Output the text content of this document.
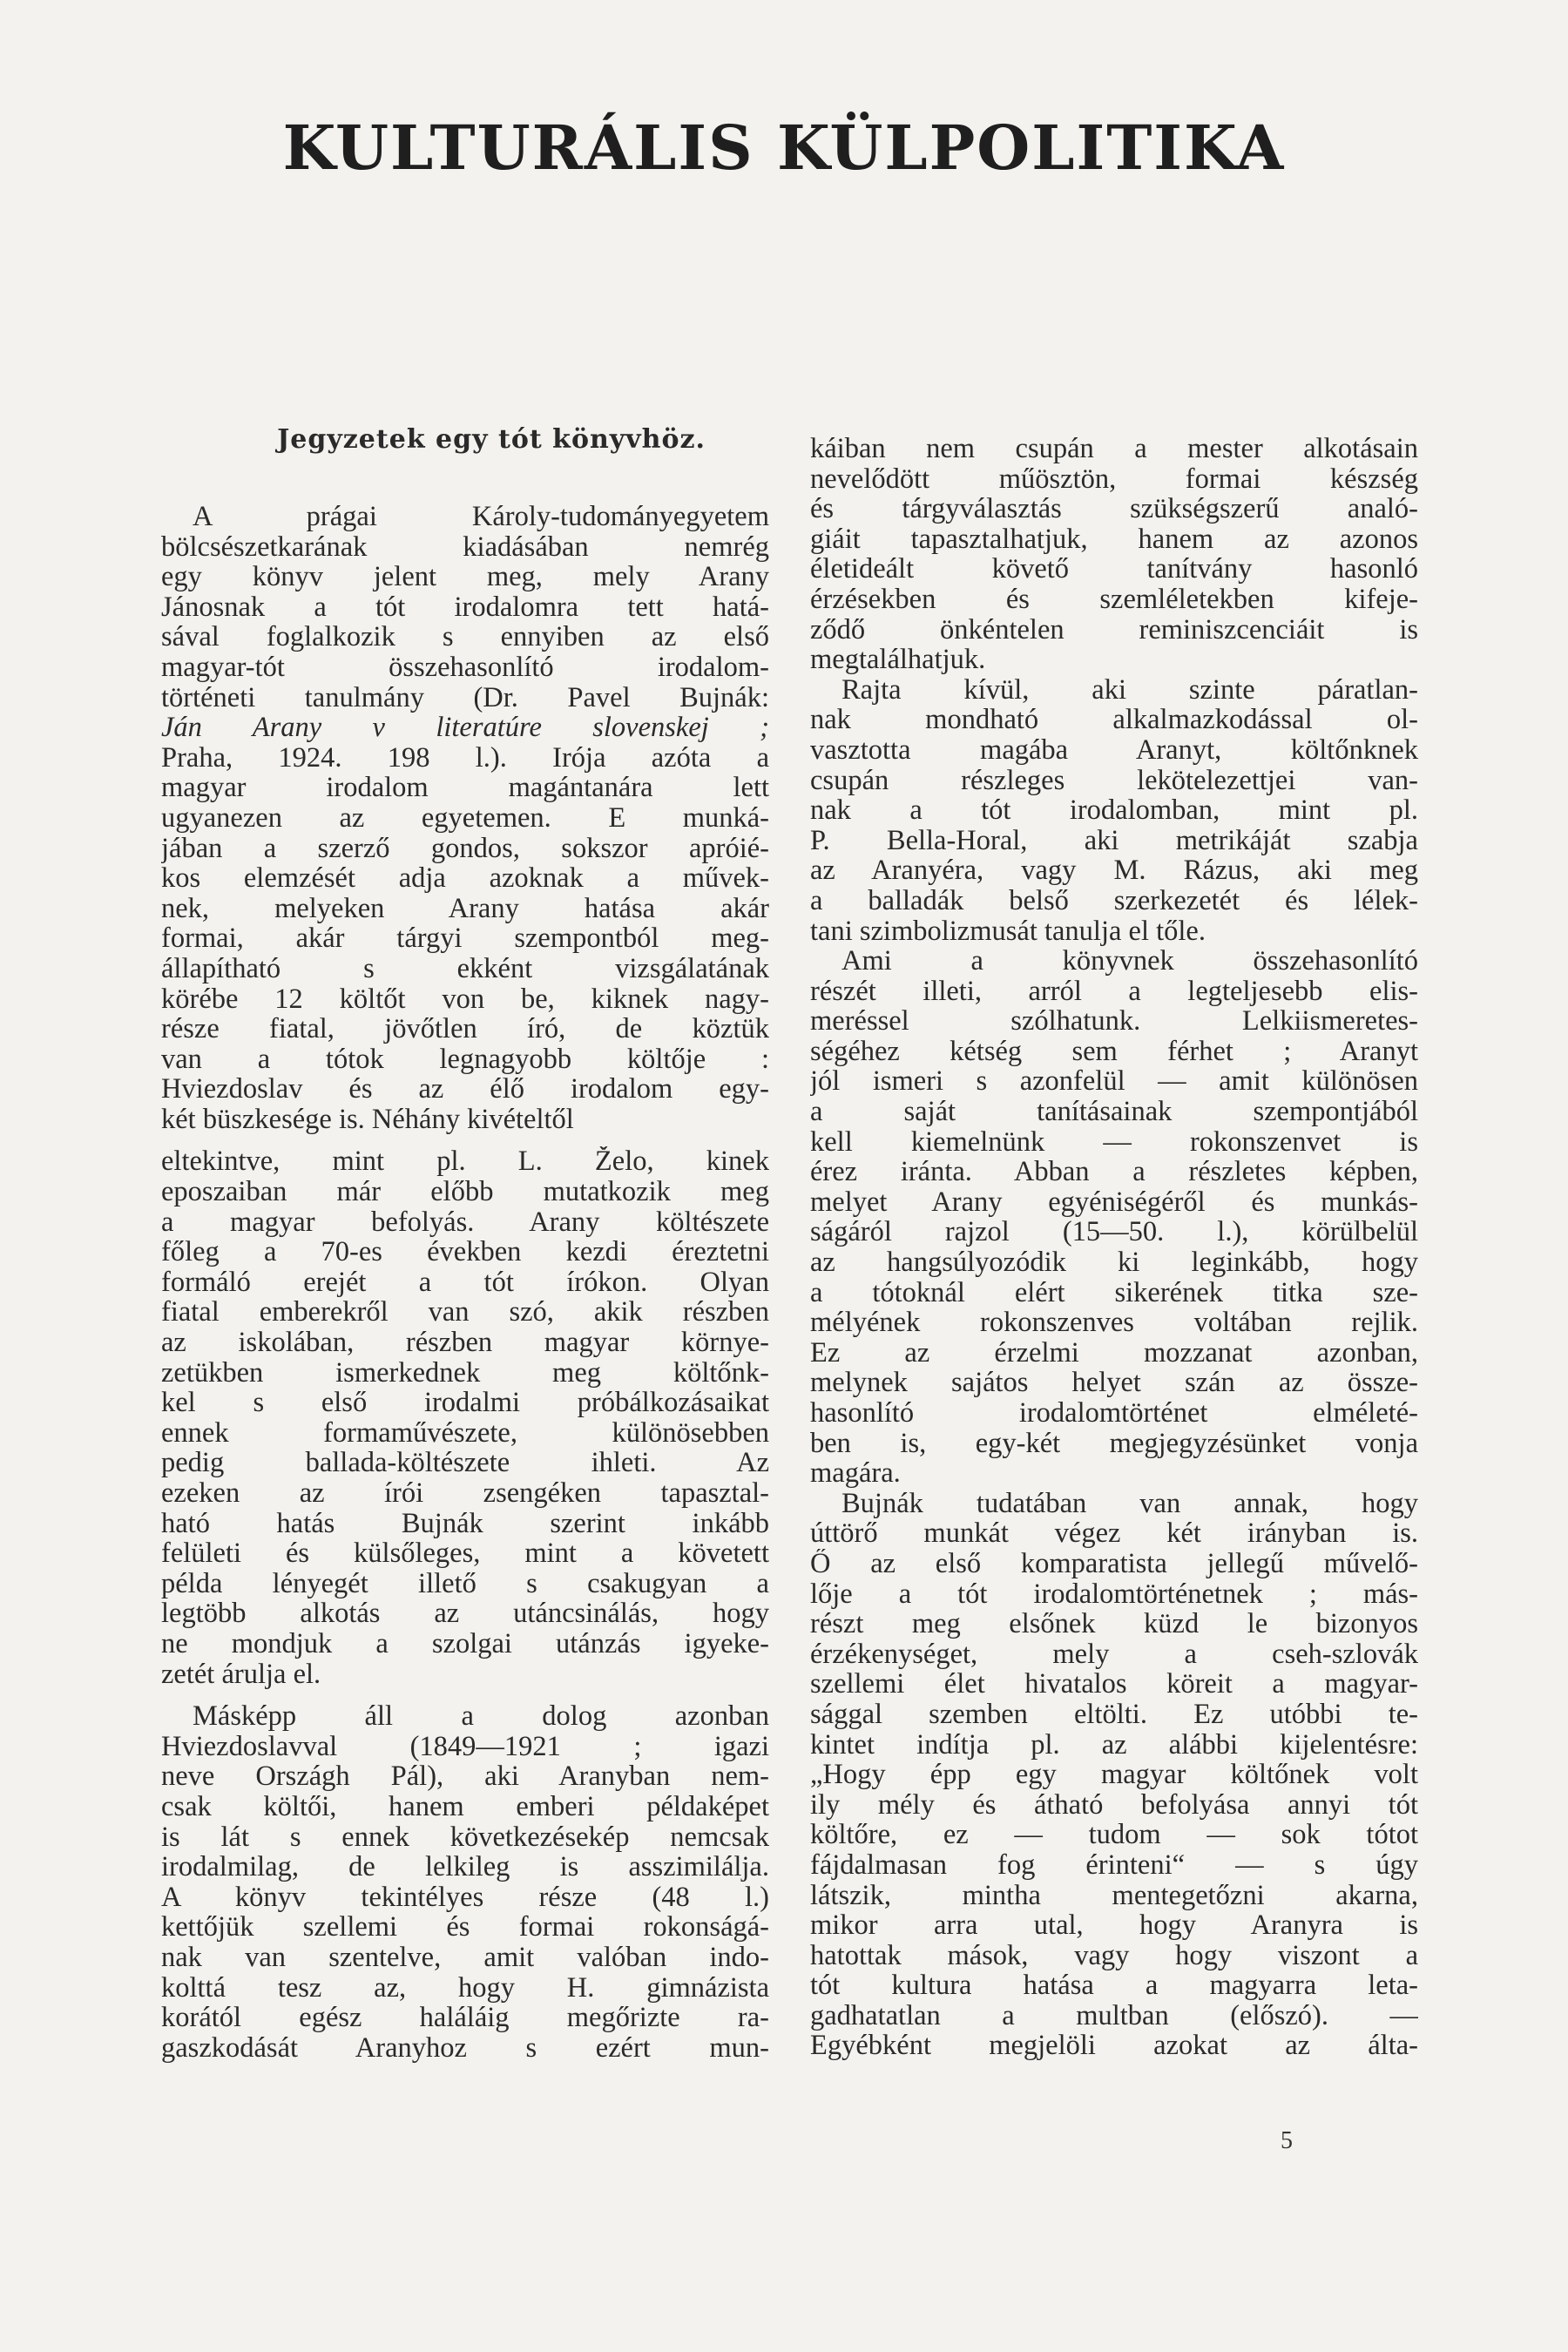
KULTURÁLIS KÜLPOLITIKA
Jegyzetek egy tót könyvhöz.
A prágai Károly-tudományegyetem
bölcsészetkarának kiadásában nemrég
egy könyv jelent meg, mely Arany
Jánosnak a tót irodalomra tett hatá-
sával foglalkozik s ennyiben az első
magyar-tót összehasonlító irodalom-
történeti tanulmány (Dr. Pavel Bujnák:
Ján Arany v literatúre slovenskej ;
Praha, 1924. 198 l.). Irója azóta a
magyar irodalom magántanára lett
ugyanezen az egyetemen. E munká-
jában a szerző gondos, sokszor apróié-
kos elemzését adja azoknak a művek-
nek, melyeken Arany hatása akár
formai, akár tárgyi szempontból meg-
állapítható s ekként vizsgálatának
körébe 12 költőt von be, kiknek nagy-
része fiatal, jövőtlen író, de köztük
van a tótok legnagyobb költője :
Hviezdoslav és az élő irodalom egy-
két büszkesége is. Néhány kivételtől
eltekintve, mint pl. L. Želo, kinek
eposzaiban már előbb mutatkozik meg
a magyar befolyás. Arany költészete
főleg a 70-es években kezdi éreztetni
formáló erejét a tót írókon. Olyan
fiatal emberekről van szó, akik részben
az iskolában, részben magyar környe-
zetükben ismerkednek meg költőnk-
kel s első irodalmi próbálkozásaikat
ennek formaművészete, különösebben
pedig ballada-költészete ihleti. Az
ezeken az írói zsengéken tapasztal-
ható hatás Bujnák szerint inkább
felületi és külsőleges, mint a követett
példa lényegét illető s csakugyan a
legtöbb alkotás az utáncsinálás, hogy
ne mondjuk a szolgai utánzás igyeke-
zetét árulja el.
Másképp áll a dolog azonban
Hviezdoslavval (1849—1921 ; igazi
neve Országh Pál), aki Aranyban nem-
csak költői, hanem emberi példaképet
is lát s ennek következésekép nemcsak
irodalmilag, de lelkileg is asszimilálja.
A könyv tekintélyes része (48 l.)
kettőjük szellemi és formai rokonságá-
nak van szentelve, amit valóban indo-
kolttá tesz az, hogy H. gimnázista
korától egész haláláig megőrizte ra-
gaszkodását Aranyhoz s ezért mun-
káiban nem csupán a mester alkotásain
nevelődött műösztön, formai készség
és tárgyválasztás szükségszerű analó-
giáit tapasztalhatjuk, hanem az azonos
életideált követő tanítvány hasonló
érzésekben és szemléletekben kifeje-
ződő önkéntelen reminiszcenciáit is
megtalálhatjuk.
Rajta kívül, aki szinte páratlan-
nak mondható alkalmazkodással ol-
vasztotta magába Aranyt, költőnknek
csupán részleges lekötelezettjei van-
nak a tót irodalomban, mint pl.
P. Bella-Horal, aki metrikáját szabja
az Aranyéra, vagy M. Rázus, aki meg
a balladák belső szerkezetét és lélek-
tani szimbolizmusát tanulja el tőle.
Ami a könyvnek összehasonlító
részét illeti, arról a legteljesebb elis-
meréssel szólhatunk. Lelkiismeretes-
ségéhez kétség sem férhet ; Aranyt
jól ismeri s azonfelül — amit különösen
a saját tanításainak szempontjából
kell kiemelnünk — rokonszenvet is
érez iránta. Abban a részletes képben,
melyet Arany egyéniségéről és munkás-
ságáról rajzol (15—50. l.), körülbelül
az hangsúlyozódik ki leginkább, hogy
a tótoknál elért sikerének titka sze-
mélyének rokonszenves voltában rejlik.
Ez az érzelmi mozzanat azonban,
melynek sajátos helyet szán az össze-
hasonlító irodalomtörténet elméleté-
ben is, egy-két megjegyzésünket vonja
magára.
Bujnák tudatában van annak, hogy
úttörő munkát végez két irányban is.
Ő az első komparatista jellegű művelő-
lője a tót irodalomtörténetnek ; más-
részt meg elsőnek küzd le bizonyos
érzékenységet, mely a cseh-szlovák
szellemi élet hivatalos köreit a magyar-
sággal szemben eltölti. Ez utóbbi te-
kintet indítja pl. az alábbi kijelentésre:
„Hogy épp egy magyar költőnek volt
ily mély és átható befolyása annyi tót
költőre, ez — tudom — sok tótot
fájdalmasan fog érinteni“ — s úgy
látszik, mintha mentegetőzni akarna,
mikor arra utal, hogy Aranyra is
hatottak mások, vagy hogy viszont a
tót kultura hatása a magyarra leta-
gadhatatlan a multban (előszó). —
Egyébként megjelöli azokat az álta-
5
